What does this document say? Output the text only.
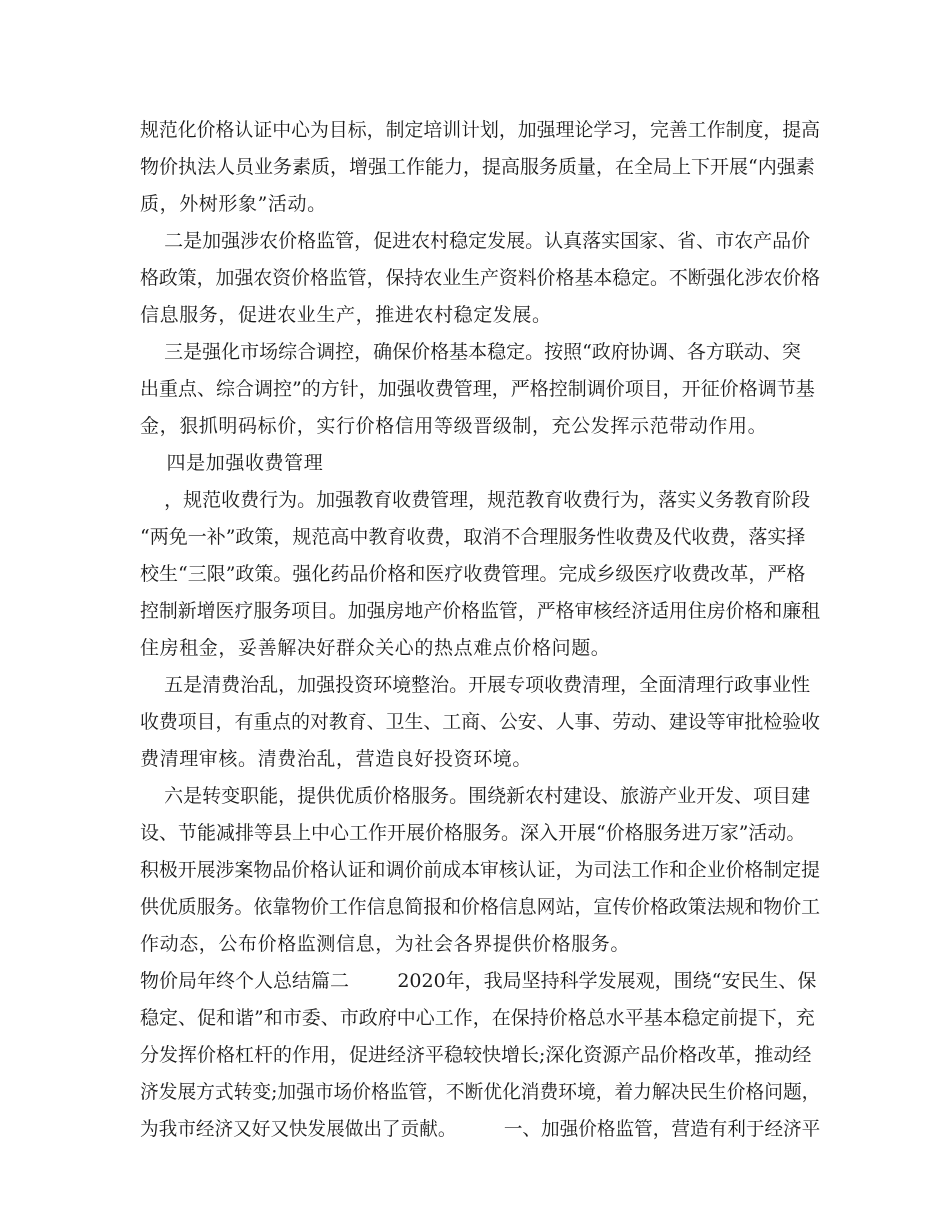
规范化价格认证中心为目标，制定培训计划，加强理论学习，完善工作制度，提高
物价执法人员业务素质，增强工作能力，提高服务质量，在全局上下开展“内强素
质，外树形象”活动。
二是加强涉农价格监管，促进农村稳定发展。认真落实国家、省、市农产品价
格政策，加强农资价格监管，保持农业生产资料价格基本稳定。不断强化涉农价格
信息服务，促进农业生产，推进农村稳定发展。
三是强化市场综合调控，确保价格基本稳定。按照“政府协调、各方联动、突
出重点、综合调控”的方针，加强收费管理，严格控制调价项目，开征价格调节基
金，狠抓明码标价，实行价格信用等级晋级制，充公发挥示范带动作用。
四是加强收费管理
，规范收费行为。加强教育收费管理，规范教育收费行为，落实义务教育阶段
“两免一补”政策，规范高中教育收费，取消不合理服务性收费及代收费，落实择
校生“三限”政策。强化药品价格和医疗收费管理。完成乡级医疗收费改革，严格
控制新增医疗服务项目。加强房地产价格监管，严格审核经济适用住房价格和廉租
住房租金，妥善解决好群众关心的热点难点价格问题。
五是清费治乱，加强投资环境整治。开展专项收费清理，全面清理行政事业性
收费项目，有重点的对教育、卫生、工商、公安、人事、劳动、建设等审批检验收
费清理审核。清费治乱，营造良好投资环境。
六是转变职能，提供优质价格服务。围绕新农村建设、旅游产业开发、项目建
设、节能减排等县上中心工作开展价格服务。深入开展“价格服务进万家”活动。
积极开展涉案物品价格认证和调价前成本审核认证，为司法工作和企业价格制定提
供优质服务。依靠物价工作信息简报和价格信息网站，宣传价格政策法规和物价工
作动态，公布价格监测信息，为社会各界提供价格服务。
物价局年终个人总结篇二        2020年，我局坚持科学发展观，围绕“安民生、保
稳定、促和谐”和市委、市政府中心工作，在保持价格总水平基本稳定前提下，充
分发挥价格杠杆的作用，促进经济平稳较快增长;深化资源产品价格改革，推动经
济发展方式转变;加强市场价格监管，不断优化消费环境，着力解决民生价格问题，
为我市经济又好又快发展做出了贡献。        一、加强价格监管，营造有利于经济平
